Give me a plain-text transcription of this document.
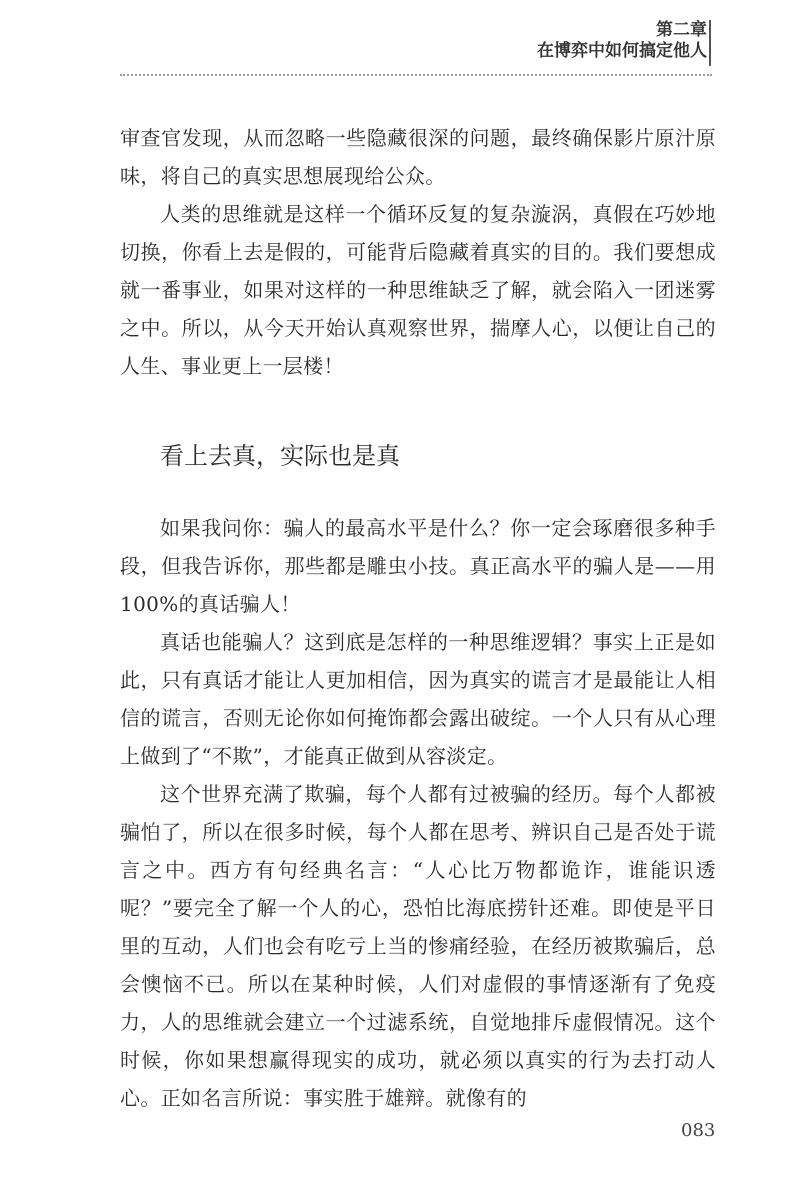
第二章
在博弈中如何搞定他人

审查官发现，从而忽略一些隐藏很深的问题，最终确保影片原汁原味，将自己的真实思想展现给公众。

人类的思维就是这样一个循环反复的复杂漩涡，真假在巧妙地切换，你看上去是假的，可能背后隐藏着真实的目的。我们要想成就一番事业，如果对这样的一种思维缺乏了解，就会陷入一团迷雾之中。所以，从今天开始认真观察世界，揣摩人心，以便让自己的人生、事业更上一层楼！

看上去真，实际也是真

如果我问你：骗人的最高水平是什么？你一定会琢磨很多种手段，但我告诉你，那些都是雕虫小技。真正高水平的骗人是——用100%的真话骗人！

真话也能骗人？这到底是怎样的一种思维逻辑？事实上正是如此，只有真话才能让人更加相信，因为真实的谎言才是最能让人相信的谎言，否则无论你如何掩饰都会露出破绽。一个人只有从心理上做到了“不欺”，才能真正做到从容淡定。

这个世界充满了欺骗，每个人都有过被骗的经历。每个人都被骗怕了，所以在很多时候，每个人都在思考、辨识自己是否处于谎言之中。西方有句经典名言：“人心比万物都诡诈，谁能识透呢？”要完全了解一个人的心，恐怕比海底捞针还难。即使是平日里的互动，人们也会有吃亏上当的惨痛经验，在经历被欺骗后，总会懊恼不已。所以在某种时候，人们对虚假的事情逐渐有了免疫力，人的思维就会建立一个过滤系统，自觉地排斥虚假情况。这个时候，你如果想赢得现实的成功，就必须以真实的行为去打动人心。正如名言所说：事实胜于雄辩。就像有的

083
